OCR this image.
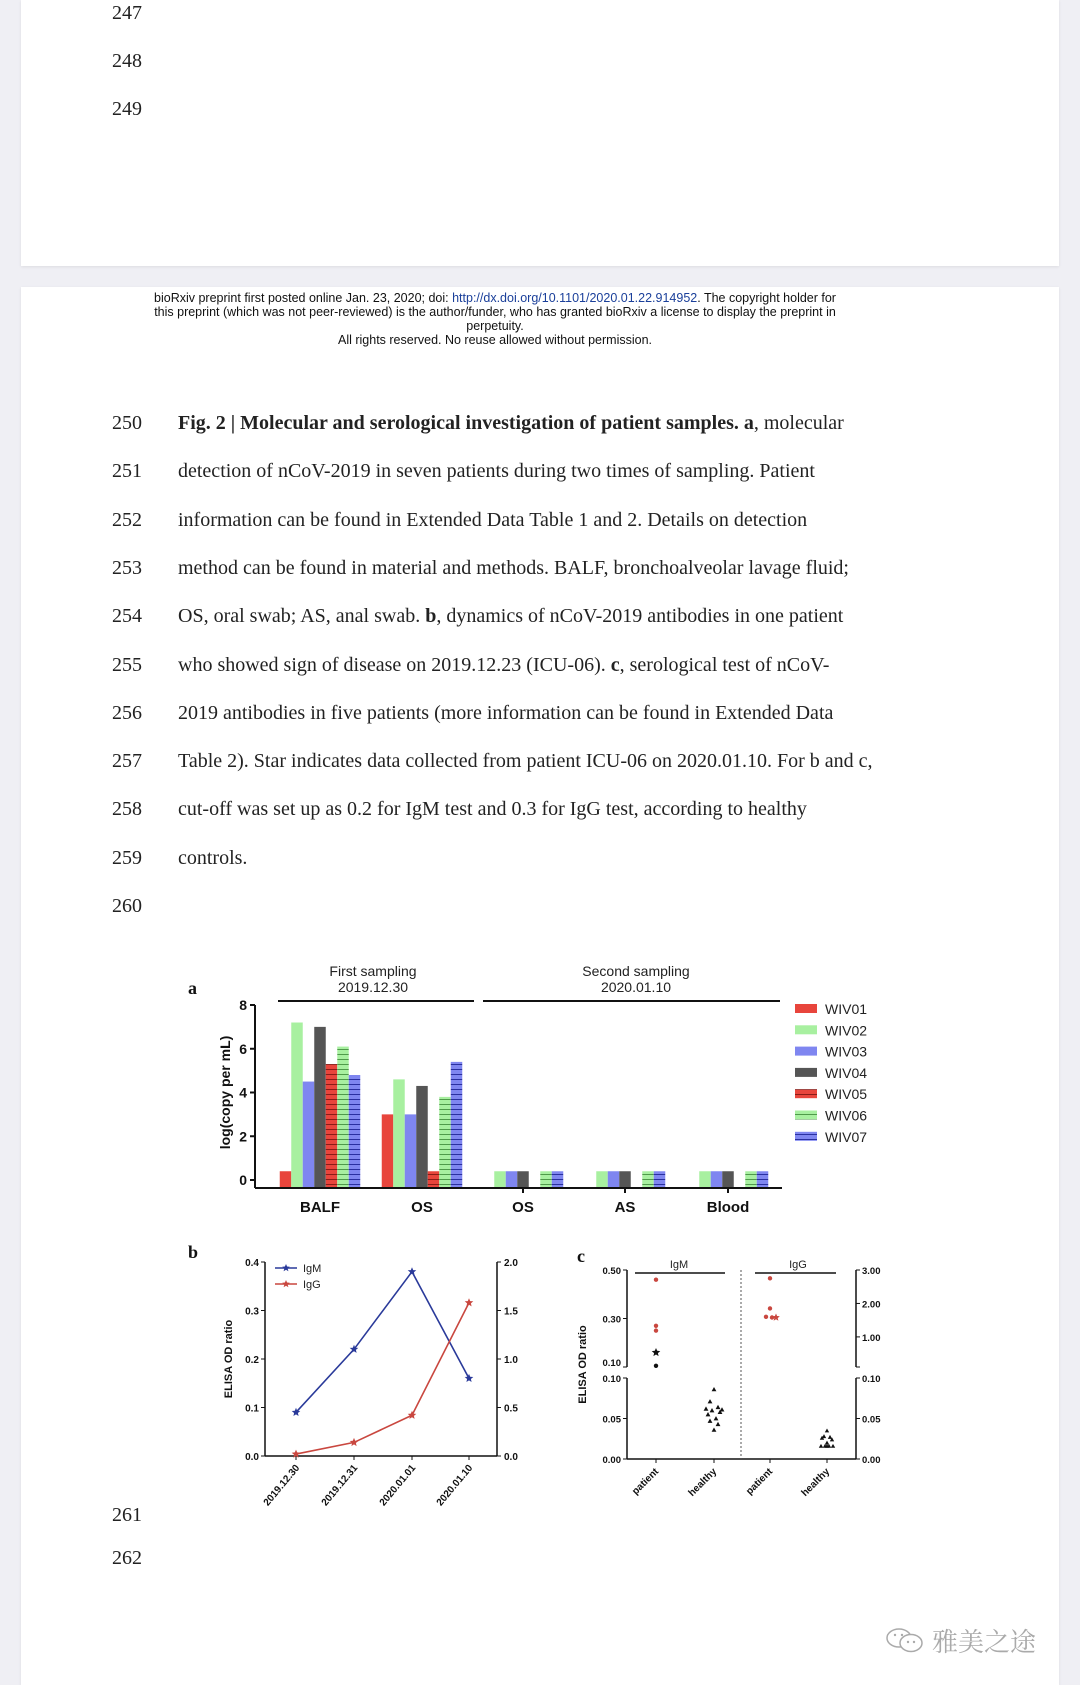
247
248
249
bioRxiv preprint first posted online Jan. 23, 2020; doi: http://dx.doi.org/10.1101/2020.01.22.914952. The copyright holder for
this preprint (which was not peer-reviewed) is the author/funder, who has granted bioRxiv a license to display the preprint in
perpetuity.
All rights reserved. No reuse allowed without permission.
250 Fig. 2 | Molecular and serological investigation of patient samples. a, molecular
251 detection of nCoV-2019 in seven patients during two times of sampling. Patient
252 information can be found in Extended Data Table 1 and 2. Details on detection
253 method can be found in material and methods. BALF, bronchoalveolar lavage fluid;
254 OS, oral swab; AS, anal swab. b, dynamics of nCoV-2019 antibodies in one patient
255 who showed sign of disease on 2019.12.23 (ICU-06). c, serological test of nCoV-
256 2019 antibodies in five patients (more information can be found in Extended Data
257 Table 2). Star indicates data collected from patient ICU-06 on 2020.01.10. For b and c,
258 cut-off was set up as 0.2 for IgM test and 0.3 for IgG test, according to healthy
259 controls.
260
261
262
a
b	c
First sampling
2019.12.30
Second sampling
2020.01.10
0
2
4
6
8
log(copy per mL)
BALF	OS	OS	AS	Blood
WIV01
WIV02
WIV03
WIV04
WIV05
WIV06
WIV07
0.0
0.1
0.2
0.3
0.4
0.0
0.5
1.0
1.5
2.0
ELISA OD ratio
2019.12.30 2019.12.31 2020.01.01 2020.01.10
IgM
IgG
IgM	IgG
0.00	0.00
0.05	0.05
0.10	0.10
0.10
0.30
0.50
1.00
2.00
3.00
ELISA OD ratio
patient	healthy	patient healthy
雅美之途
